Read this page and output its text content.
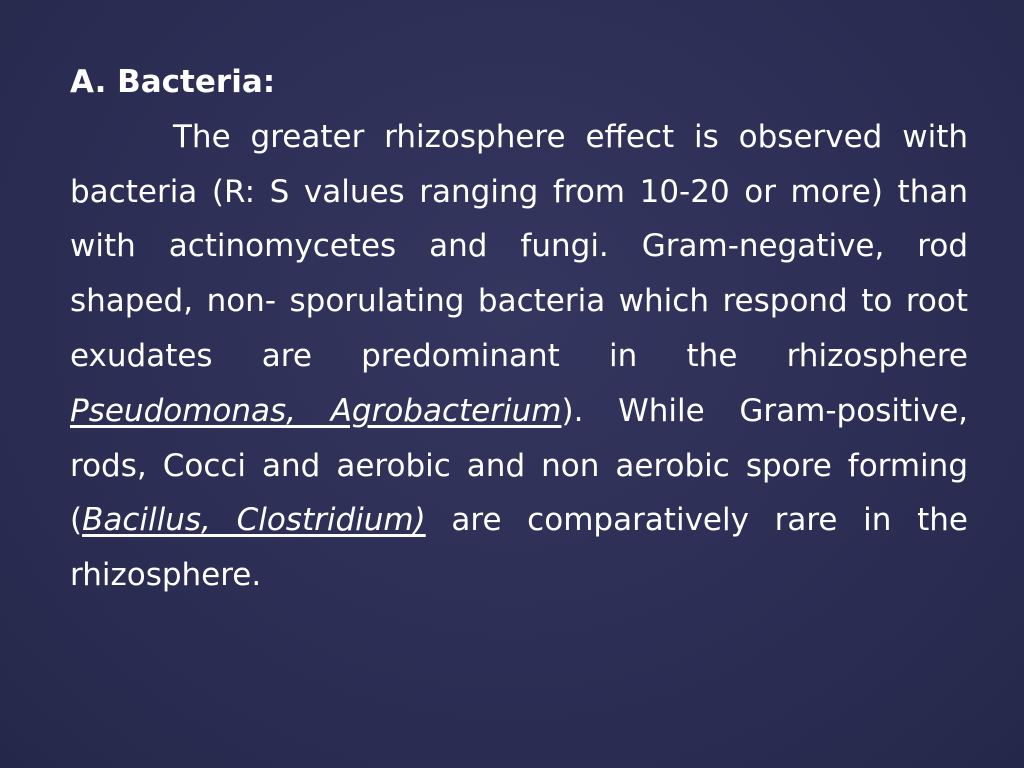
A. Bacteria:
The greater rhizosphere effect is observed with bacteria (R: S values ranging from 10-20 or more) than with actinomycetes and fungi. Gram-negative, rod shaped, non- sporulating bacteria which respond to root exudates are predominant in the rhizosphere Pseudomonas, Agrobacterium). While Gram-positive, rods, Cocci and aerobic and non aerobic spore forming (Bacillus, Clostridium) are comparatively rare in the rhizosphere.
